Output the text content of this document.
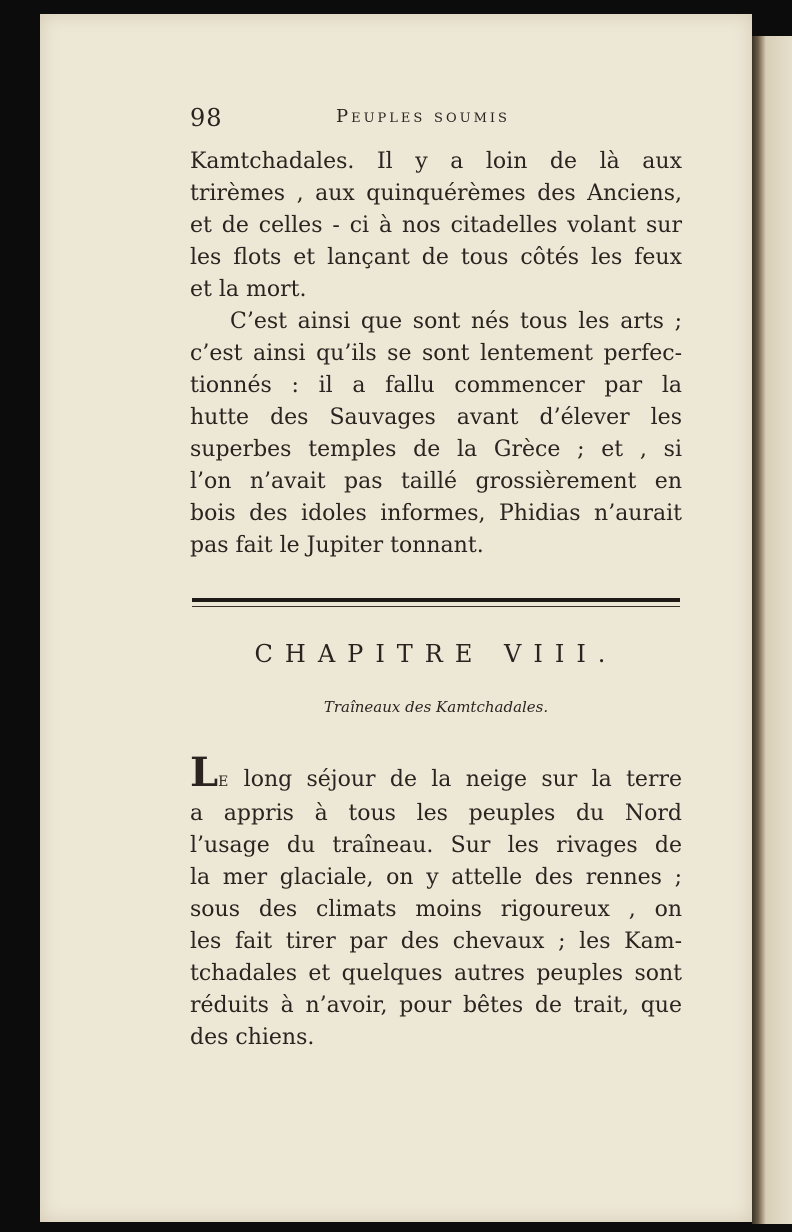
98	Peuples soumis
Kamtchadales. Il y a loin de là aux
trirèmes , aux quinquérèmes des Anciens,
et de celles - ci à nos citadelles volant sur
les flots et lançant de tous côtés les feux
et la mort.
C’est ainsi que sont nés tous les arts ;
c’est ainsi qu’ils se sont lentement perfec-
tionnés : il a fallu commencer par la
hutte des Sauvages avant d’élever les
superbes temples de la Grèce ; et , si
l’on n’avait pas taillé grossièrement en
bois des idoles informes, Phidias n’aurait
pas fait le Jupiter tonnant.
CHAPITRE VIII.
Traîneaux des Kamtchadales.
LE long séjour de la neige sur la terre
a appris à tous les peuples du Nord
l’usage du traîneau. Sur les rivages de
la mer glaciale, on y attelle des rennes ;
sous des climats moins rigoureux , on
les fait tirer par des chevaux ; les Kam-
tchadales et quelques autres peuples sont
réduits à n’avoir, pour bêtes de trait, que
des chiens.
